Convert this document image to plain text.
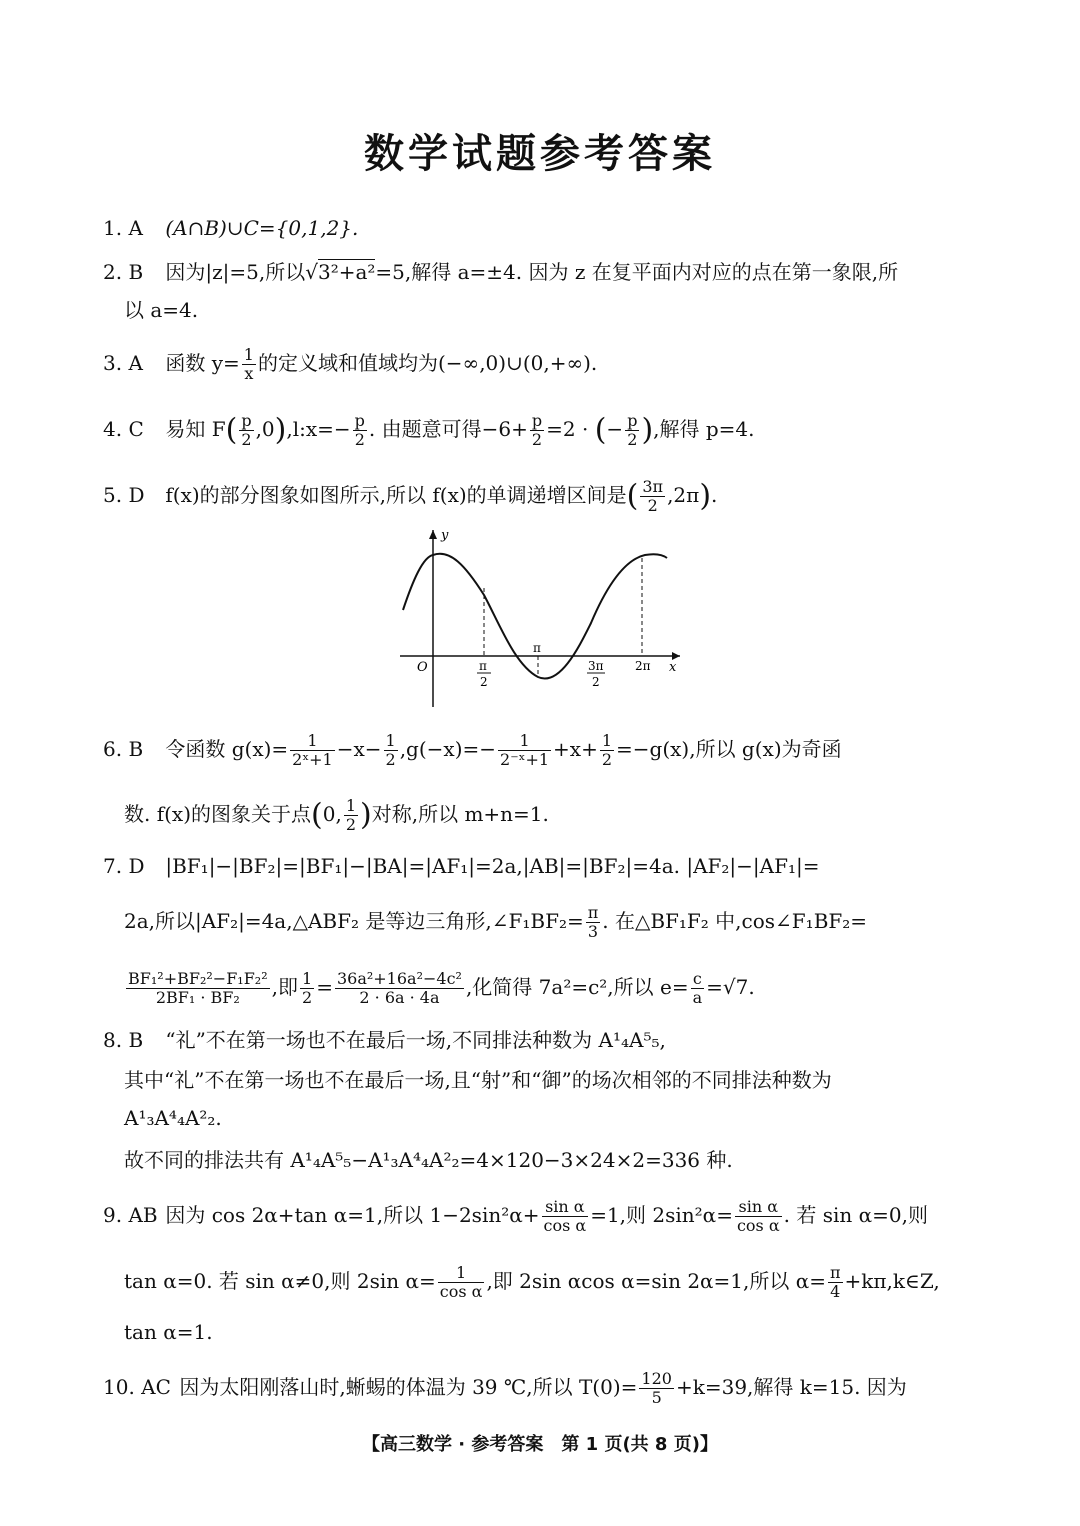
数学试题参考答案
1. A (A∩B)∪C={0,1,2}.
2. B 因为|z|=5,所以√3²+a²=5,解得 a=±4. 因为 z 在复平面内对应的点在第一象限,所
以 a=4.
3. A 函数 $y= \frac{1}{x}$ 的定义域和值域均为(−∞,0)∪(0,+∞).
4. C 易知 $F( \frac{p}{2}$ ,0),l:x=− $\frac{p}{2}$ . 由题意可得$-6+ \frac{p}{2} =2$ · (− $\frac{p}{2}$ ),解得 p=4.
5. D f(x)的部分图象如图所示,所以 f(x)的单调递增区间是( $\frac{3\pi}{2} ,2\pi$).
y
x
O	π
2
π
3π
2
2π
6. B 令函数 $g(x)= \frac{1}{\text{2ˣ+1}} -x- \frac{1}{2} ,g(-x)=- \frac{1}{\text{2⁻ˣ+1}} +x+ \frac{1}{2} =-g(x)$,所以 g(x)为奇函
数. f(x)的图象关于点(0, $\frac{1}{2}$ )对称,所以 m+n=1.
7. D |BF₁|−|BF₂|=|BF₁|−|BA|=|AF₁|=2a,|AB|=|BF₂|=4a. |AF₂|−|AF₁|=
2a,所以|AF₂|=4a,△ABF₂ 是等边三角形,∠F₁BF₂= $\frac{\pi}{3}$ . 在△BF₁F₂ 中,cos∠F₁BF₂=
$\frac{\text{BF₁²+BF₂²−F₁F₂²}}{\text{2BF₁ · BF₂}}$ ,即 $\frac{1}{2} = \frac{\text{36a²+16a²−4c²}}{2 \cdot 6a \cdot 4a}$ ,化简得 7a²=c²,所以 $e= \frac{c}{a} =√7$.
8. B “礼”不在第一场也不在最后一场,不同排法种数为 A¹₄A⁵₅,
其中“礼”不在第一场也不在最后一场,且“射”和“御”的场次相邻的不同排法种数为
A¹₃A⁴₄A²₂.
故不同的排法共有 A¹₄A⁵₅−A¹₃A⁴₄A²₂=4×120−3×24×2=336 种.
9. AB 因为 cos 2α+tan α=1,所以 $1-2\sin^2\alpha+ \frac{\text{sin α}}{\text{cos α}} =1$,则 $2\sin^2\alpha= \frac{\text{sin α}}{\text{cos α}}$ . 若 sin α=0,则
tan α=0. 若 sin α≠0,则 2sin $\alpha= \frac{1}{\text{cos α}}$ ,即 2sin αcos α=sin 2α=1,所以 $\alpha= \frac{\pi}{4}$ +kπ,k∈Z,
tan α=1.
10. AC 因为太阳刚落山时,蜥蜴的体温为 39 ℃,所以 $T(0)= \frac{120}{5} +k=39$,解得 k=15. 因为
【高三数学 · 参考答案　第 1 页(共 8 页)】
